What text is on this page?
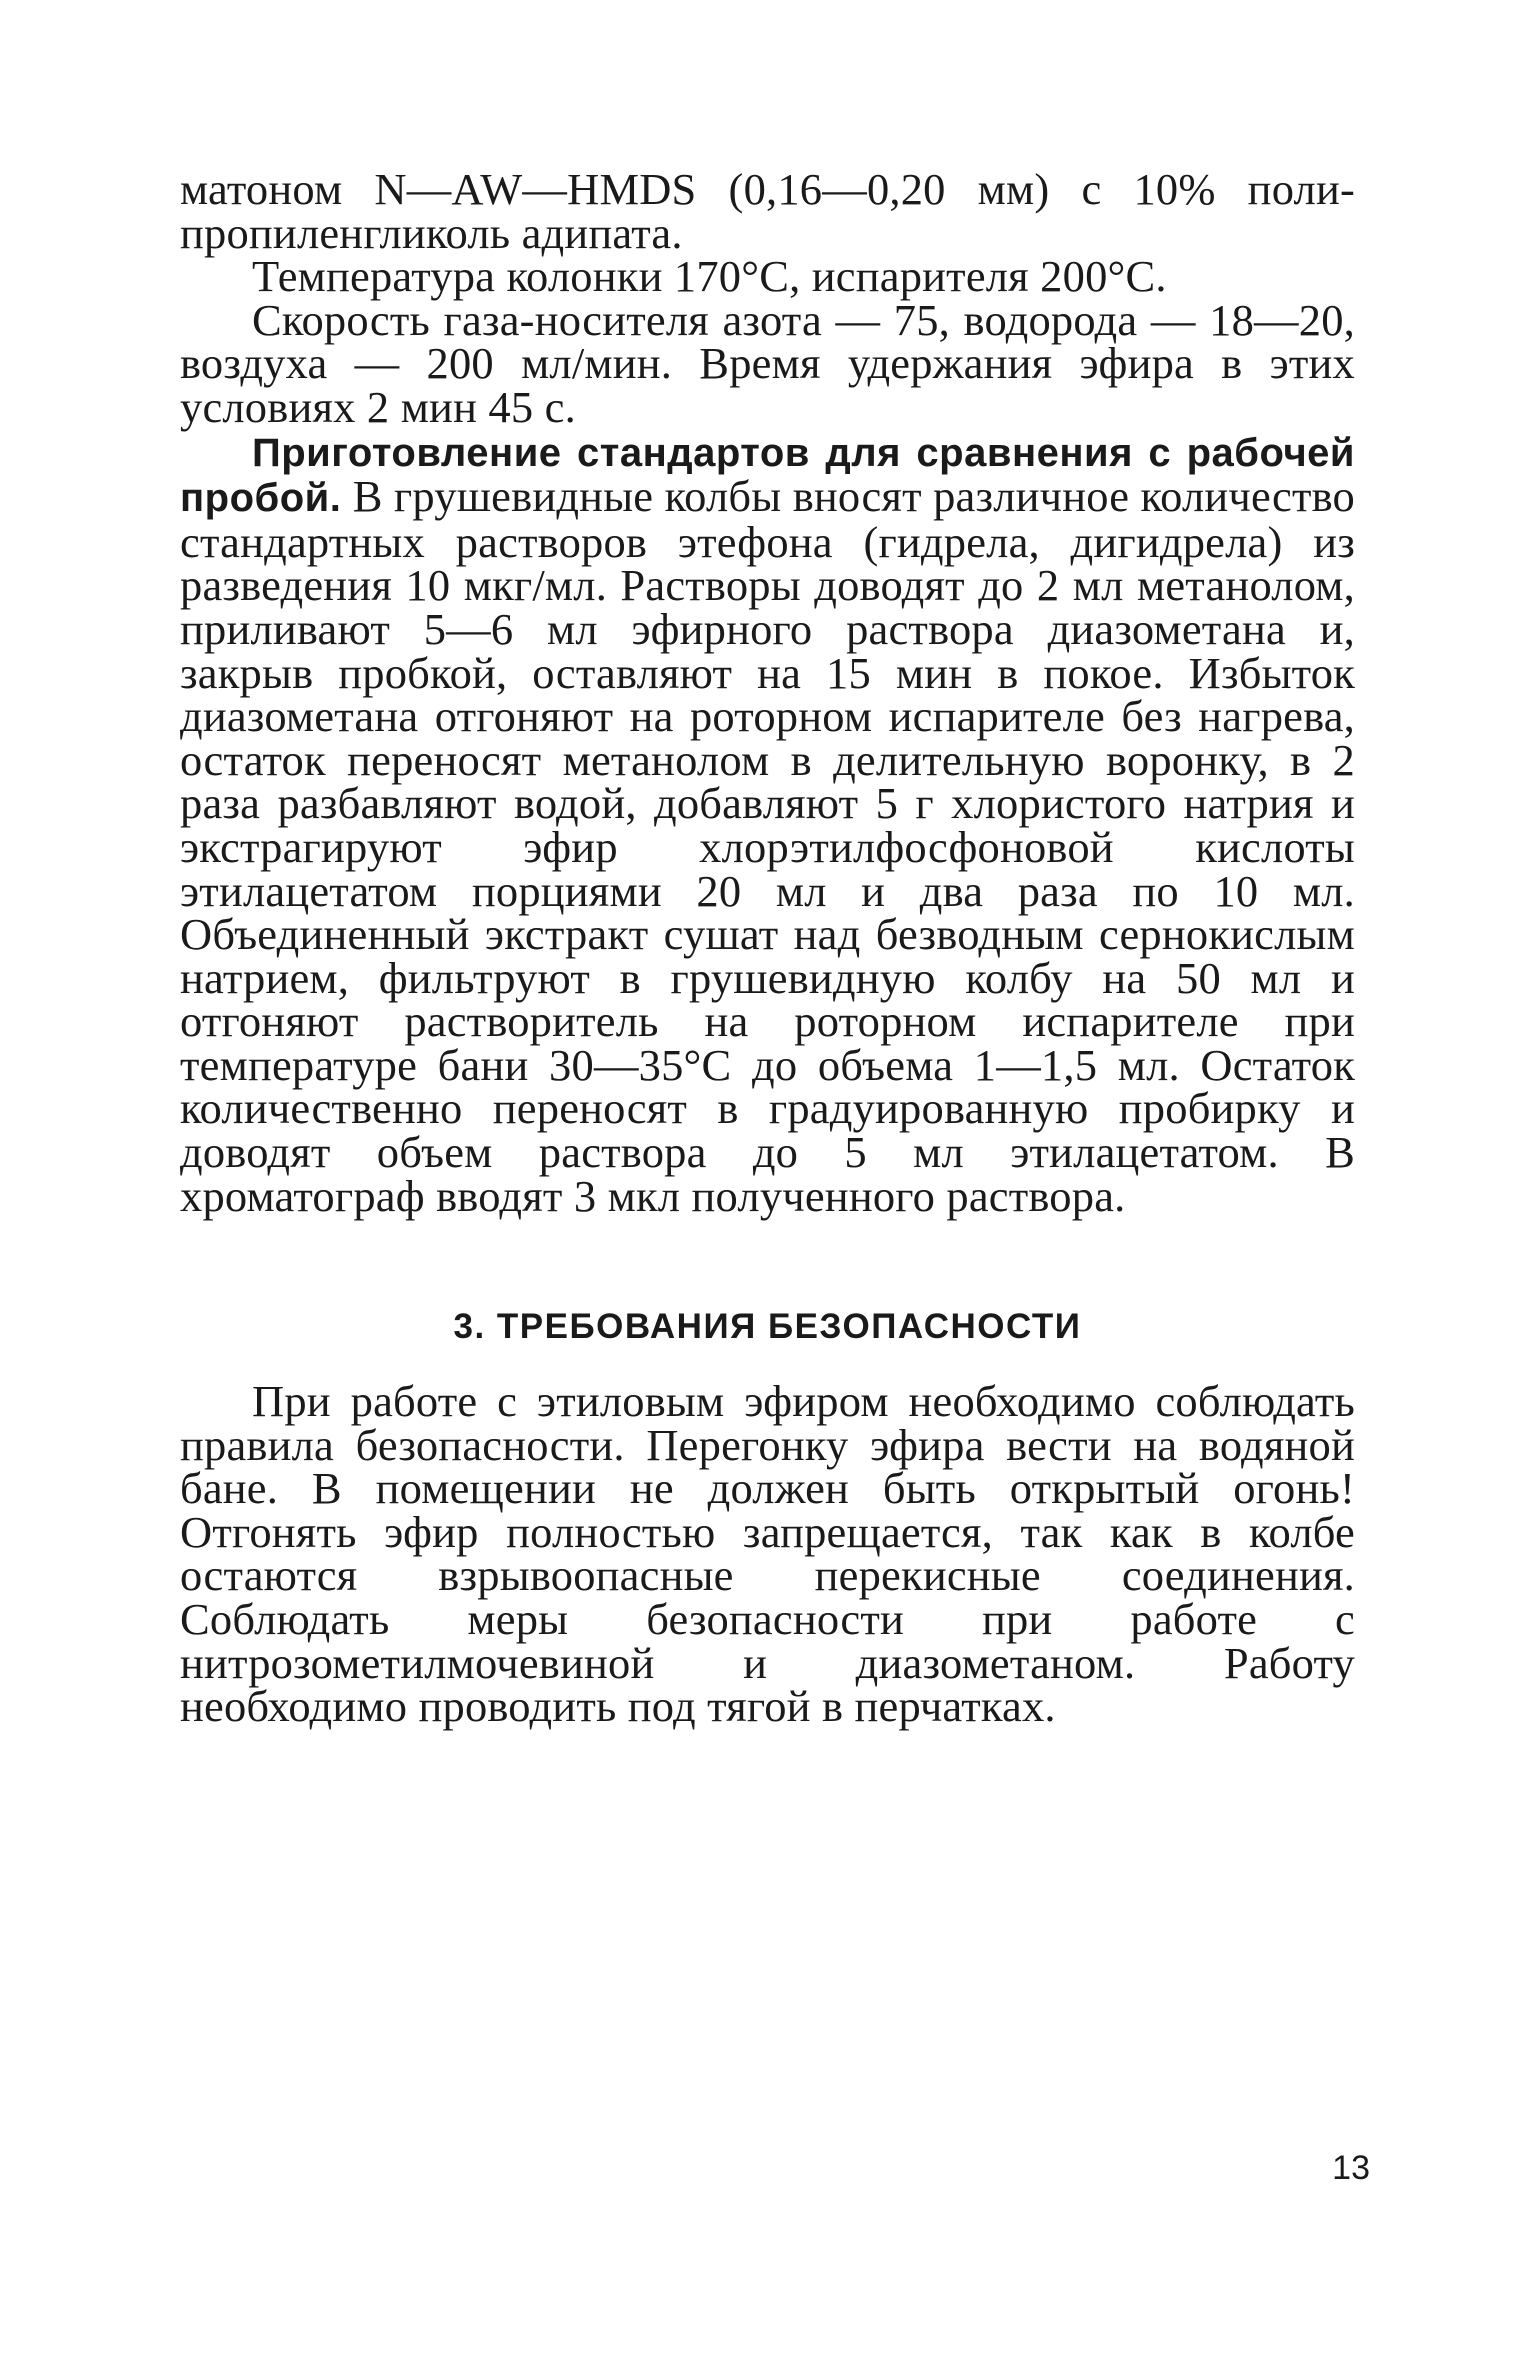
матоном N—AW—HMDS (0,16—0,20 мм) с 10% поли-пропиленгликоль адипата.

Температура колонки 170°С, испарителя 200°С.

Скорость газа-носителя азота — 75, водорода — 18—20, воздуха — 200 мл/мин. Время удержания эфира в этих условиях 2 мин 45 с.

Приготовление стандартов для сравнения с рабочей пробой. В грушевидные колбы вносят различное количество стандартных растворов этефона (гидрела, дигидрела) из разведения 10 мкг/мл. Растворы доводят до 2 мл метанолом, приливают 5—6 мл эфирного раствора диазометана и, закрыв пробкой, оставляют на 15 мин в покое. Избыток диазометана отгоняют на роторном испарителе без нагрева, остаток переносят метанолом в делительную воронку, в 2 раза разбавляют водой, добавляют 5 г хлористого натрия и экстрагируют эфир хлорэтилфосфоновой кислоты этилацетатом порциями 20 мл и два раза по 10 мл. Объединенный экстракт сушат над безводным сернокислым натрием, фильтруют в грушевидную колбу на 50 мл и отгоняют растворитель на роторном испарителе при температуре бани 30—35°С до объема 1—1,5 мл. Остаток количественно переносят в градуированную пробирку и доводят объем раствора до 5 мл этилацетатом. В хроматограф вводят 3 мкл полученного раствора.

3. ТРЕБОВАНИЯ БЕЗОПАСНОСТИ

При работе с этиловым эфиром необходимо соблюдать правила безопасности. Перегонку эфира вести на водяной бане. В помещении не должен быть открытый огонь! Отгонять эфир полностью запрещается, так как в колбе остаются взрывоопасные перекисные соединения. Соблюдать меры безопасности при работе с нитрозометилмочевиной и диазометаном. Работу необходимо проводить под тягой в перчатках.

13
